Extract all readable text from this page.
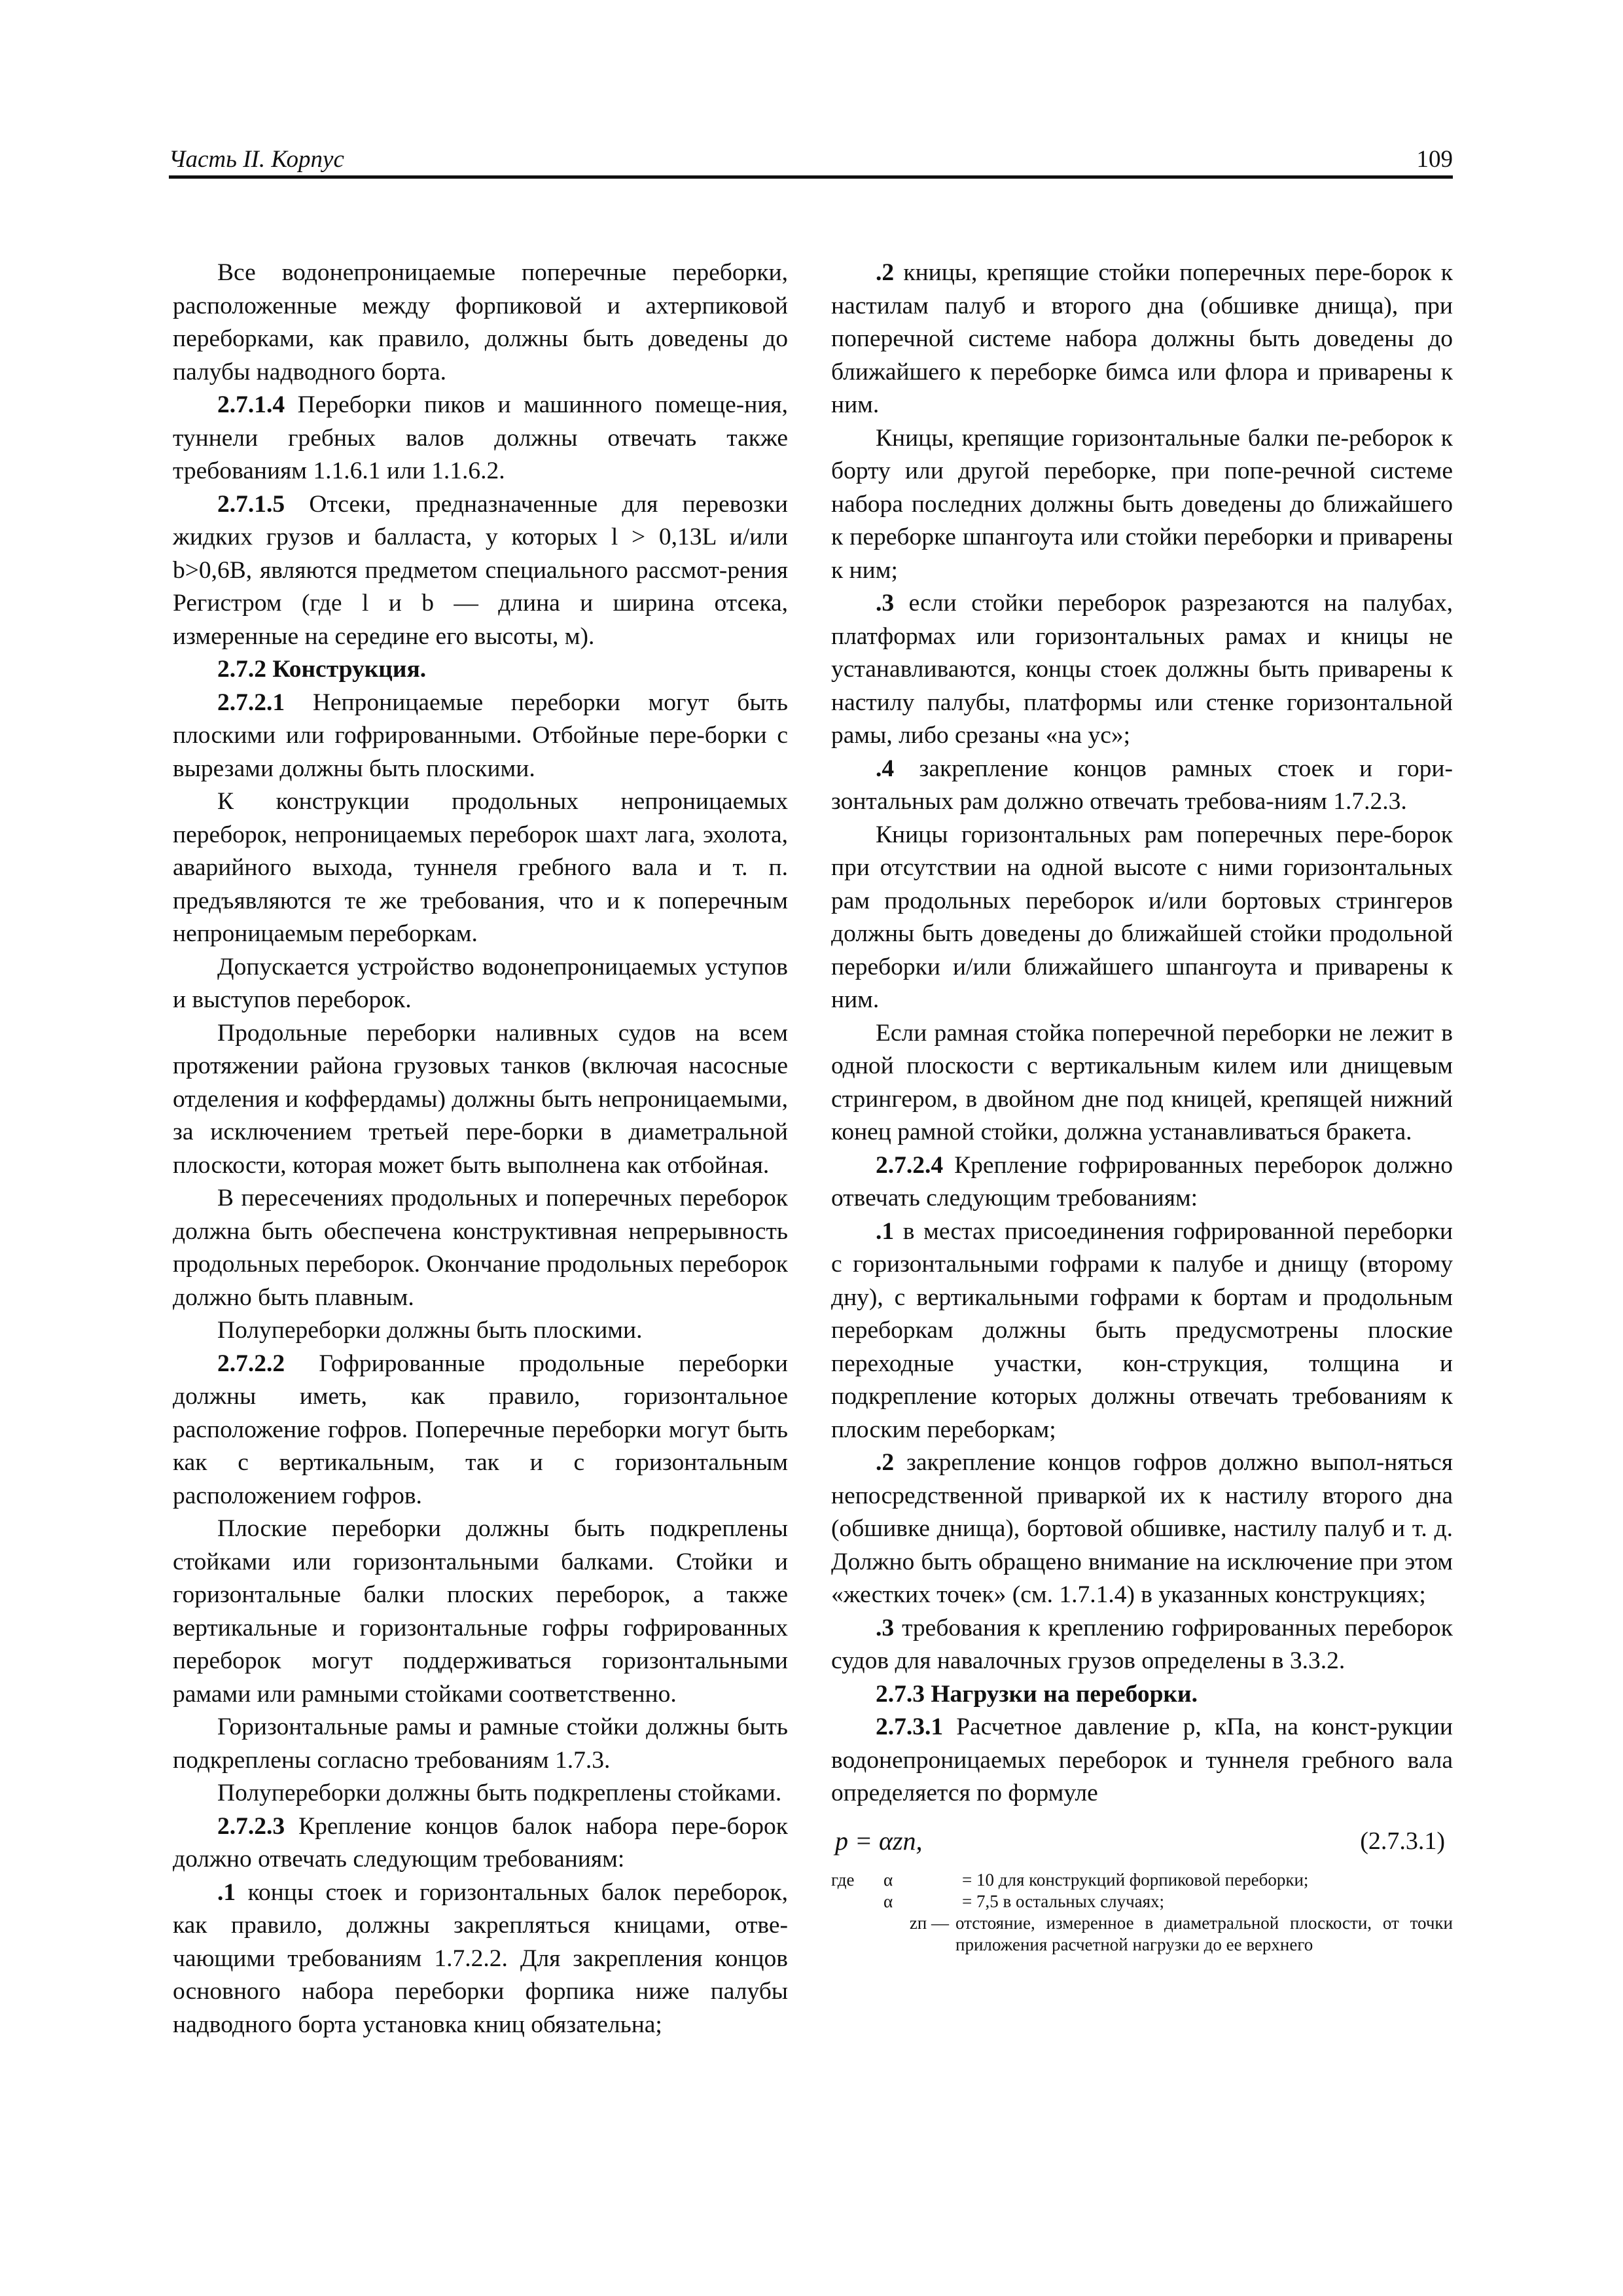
Часть II. Корпус	109

Все водонепроницаемые поперечные переборки, расположенные между форпиковой и ахтерпиковой переборками, как правило, должны быть доведены до палубы надводного борта.

2.7.1.4 Переборки пиков и машинного помеще-ния, туннели гребных валов должны отвечать также требованиям 1.1.6.1 или 1.1.6.2.

2.7.1.5 Отсеки, предназначенные для перевозки жидких грузов и балласта, у которых l > 0,13L и/или b>0,6B, являются предметом специального рассмот-рения Регистром (где l и b — длина и ширина отсека, измеренные на середине его высоты, м).

2.7.2 Конструкция.

2.7.2.1 Непроницаемые переборки могут быть плоскими или гофрированными. Отбойные пере-борки с вырезами должны быть плоскими.

К конструкции продольных непроницаемых переборок, непроницаемых переборок шахт лага, эхолота, аварийного выхода, туннеля гребного вала и т. п. предъявляются те же требования, что и к поперечным непроницаемым переборкам.

Допускается устройство водонепроницаемых уступов и выступов переборок.

Продольные переборки наливных судов на всем протяжении района грузовых танков (включая насосные отделения и коффердамы) должны быть непроницаемыми, за исключением третьей пере-борки в диаметральной плоскости, которая может быть выполнена как отбойная.

В пересечениях продольных и поперечных переборок должна быть обеспечена конструктивная непрерывность продольных переборок. Окончание продольных переборок должно быть плавным.

Полупереборки должны быть плоскими.

2.7.2.2 Гофрированные продольные переборки должны иметь, как правило, горизонтальное расположение гофров. Поперечные переборки могут быть как с вертикальным, так и с горизонтальным расположением гофров.

Плоские переборки должны быть подкреплены стойками или горизонтальными балками. Стойки и горизонтальные балки плоских переборок, а также вертикальные и горизонтальные гофры гофрированных переборок могут поддерживаться горизонтальными рамами или рамными стойками соответственно.

Горизонтальные рамы и рамные стойки должны быть подкреплены согласно требованиям 1.7.3.

Полупереборки должны быть подкреплены стойками.

2.7.2.3 Крепление концов балок набора пере-борок должно отвечать следующим требованиям:

.1 концы стоек и горизонтальных балок переборок, как правило, должны закрепляться кницами, отве-чающими требованиям 1.7.2.2. Для закрепления концов основного набора переборки форпика ниже палубы надводного борта установка книц обязательна;

.2 кницы, крепящие стойки поперечных пере-борок к настилам палуб и второго дна (обшивке днища), при поперечной системе набора должны быть доведены до ближайшего к переборке бимса или флора и приварены к ним.

Кницы, крепящие горизонтальные балки пе-реборок к борту или другой переборке, при попе-речной системе набора последних должны быть доведены до ближайшего к переборке шпангоута или стойки переборки и приварены к ним;

.3 если стойки переборок разрезаются на палубах, платформах или горизонтальных рамах и кницы не устанавливаются, концы стоек должны быть приварены к настилу палубы, платформы или стенке горизонтальной рамы, либо срезаны «на ус»;

.4 закрепление концов рамных стоек и гори-зонтальных рам должно отвечать требова-ниям 1.7.2.3.

Кницы горизонтальных рам поперечных пере-борок при отсутствии на одной высоте с ними горизонтальных рам продольных переборок и/или бортовых стрингеров должны быть доведены до ближайшей стойки продольной переборки и/или ближайшего шпангоута и приварены к ним.

Если рамная стойка поперечной переборки не лежит в одной плоскости с вертикальным килем или днищевым стрингером, в двойном дне под кницей, крепящей нижний конец рамной стойки, должна устанавливаться бракета.

2.7.2.4 Крепление гофрированных переборок должно отвечать следующим требованиям:

.1 в местах присоединения гофрированной переборки с горизонтальными гофрами к палубе и днищу (второму дну), с вертикальными гофрами к бортам и продольным переборкам должны быть предусмотрены плоские переходные участки, кон-струкция, толщина и подкрепление которых должны отвечать требованиям к плоским переборкам;

.2 закрепление концов гофров должно выпол-няться непосредственной приваркой их к настилу второго дна (обшивке днища), бортовой обшивке, настилу палуб и т. д. Должно быть обращено внимание на исключение при этом «жестких точек» (см. 1.7.1.4) в указанных конструкциях;

.3 требования к креплению гофрированных переборок судов для навалочных грузов определены в 3.3.2.

2.7.3 Нагрузки на переборки.

2.7.3.1 Расчетное давление p, кПа, на конст-рукции водонепроницаемых переборок и туннеля гребного вала определяется по формуле

p = αzп,	(2.7.3.1)
где	α	= 10 для конструкций форпиковой переборки;
α	= 7,5 в остальных случаях;
zп — отстояние, измеренное в диаметральной плоскости, от точки приложения расчетной нагрузки до ее верхнего
